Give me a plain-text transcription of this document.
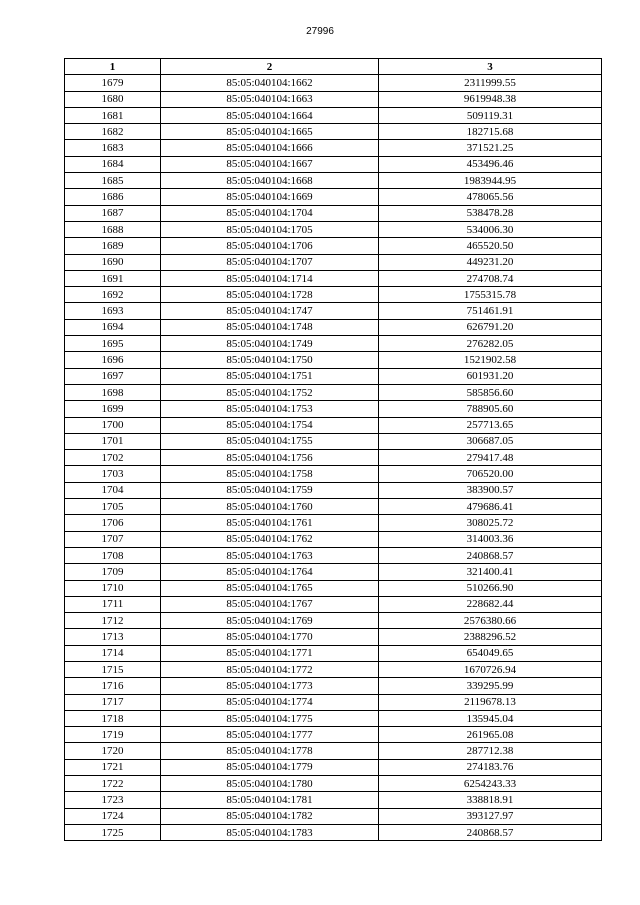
27996
1	2	3
1679	85:05:040104:1662	2311999.55
1680	85:05:040104:1663	9619948.38
1681	85:05:040104:1664	509119.31
1682	85:05:040104:1665	182715.68
1683	85:05:040104:1666	371521.25
1684	85:05:040104:1667	453496.46
1685	85:05:040104:1668	1983944.95
1686	85:05:040104:1669	478065.56
1687	85:05:040104:1704	538478.28
1688	85:05:040104:1705	534006.30
1689	85:05:040104:1706	465520.50
1690	85:05:040104:1707	449231.20
1691	85:05:040104:1714	274708.74
1692	85:05:040104:1728	1755315.78
1693	85:05:040104:1747	751461.91
1694	85:05:040104:1748	626791.20
1695	85:05:040104:1749	276282.05
1696	85:05:040104:1750	1521902.58
1697	85:05:040104:1751	601931.20
1698	85:05:040104:1752	585856.60
1699	85:05:040104:1753	788905.60
1700	85:05:040104:1754	257713.65
1701	85:05:040104:1755	306687.05
1702	85:05:040104:1756	279417.48
1703	85:05:040104:1758	706520.00
1704	85:05:040104:1759	383900.57
1705	85:05:040104:1760	479686.41
1706	85:05:040104:1761	308025.72
1707	85:05:040104:1762	314003.36
1708	85:05:040104:1763	240868.57
1709	85:05:040104:1764	321400.41
1710	85:05:040104:1765	510266.90
1711	85:05:040104:1767	228682.44
1712	85:05:040104:1769	2576380.66
1713	85:05:040104:1770	2388296.52
1714	85:05:040104:1771	654049.65
1715	85:05:040104:1772	1670726.94
1716	85:05:040104:1773	339295.99
1717	85:05:040104:1774	2119678.13
1718	85:05:040104:1775	135945.04
1719	85:05:040104:1777	261965.08
1720	85:05:040104:1778	287712.38
1721	85:05:040104:1779	274183.76
1722	85:05:040104:1780	6254243.33
1723	85:05:040104:1781	338818.91
1724	85:05:040104:1782	393127.97
1725	85:05:040104:1783	240868.57
